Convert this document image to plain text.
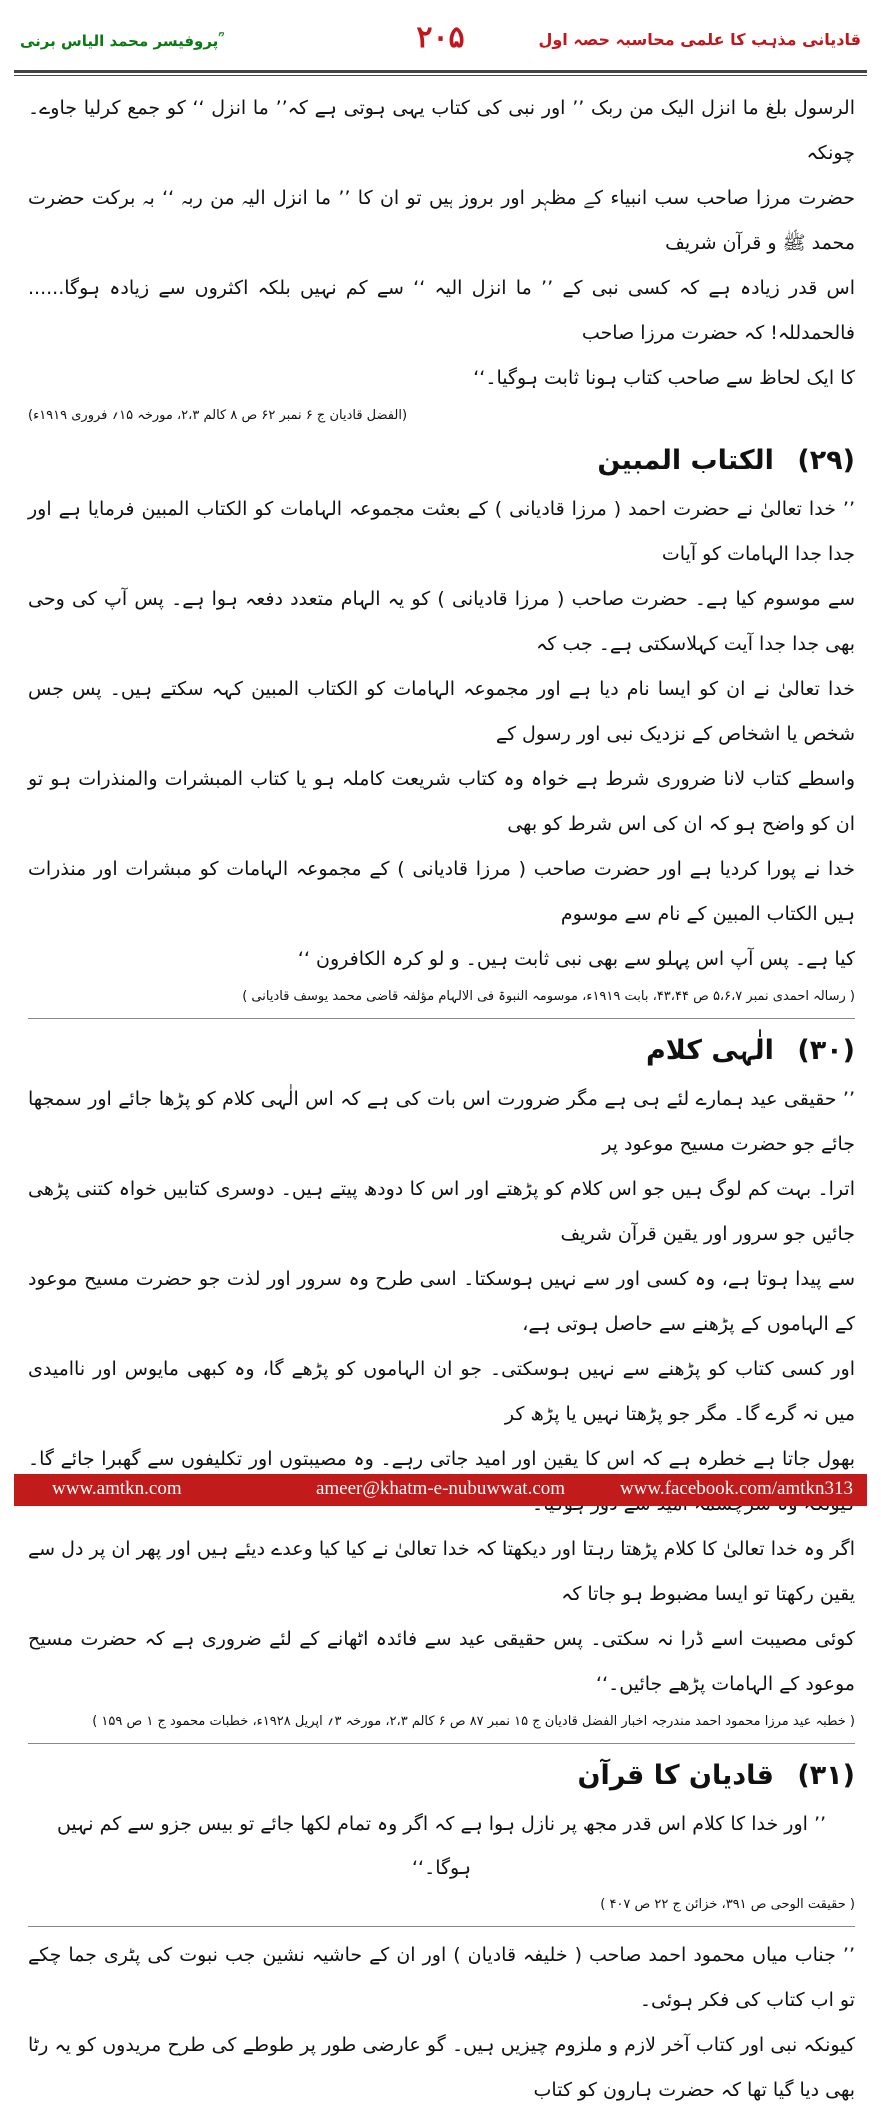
پروفیسر محمد الیاس برنی ؒ	۲۰۵	قادیانی مذہب کا علمی محاسبہ حصہ اول

الرسول بلغ ما انزل الیک من ربک ’’ اور نبی کی کتاب یہی ہوتی ہے کہ’’ ما انزل ‘‘ کو جمع کرلیا جاوے۔ چونکہ

حضرت مرزا صاحب سب انبیاء کے مظہر اور بروز ہیں تو ان کا ’’ ما انزل الیہ من ربہ ‘‘ بہ برکت حضرت محمد ﷺ و قرآن شریف

اس قدر زیادہ ہے کہ کسی نبی کے ’’ ما انزل الیہ ‘‘ سے کم نہیں بلکہ اکثروں سے زیادہ ہوگا...... فالحمدللہ! کہ حضرت مرزا صاحب

کا ایک لحاظ سے صاحب کتاب ہونا ثابت ہوگیا۔‘‘

(الفضل قادیان ج ۶ نمبر ۶۲ ص ۸ کالم ۲،۳، مورخہ ۱۵؍ فروری ۱۹۱۹ء)

(۲۹) الکتاب المبین

’’ خدا تعالیٰ نے حضرت احمد ( مرزا قادیانی ) کے بعثت مجموعہ الہامات کو الکتاب المبین فرمایا ہے اور جدا جدا الہامات کو آیات

سے موسوم کیا ہے۔ حضرت صاحب ( مرزا قادیانی ) کو یہ الہام متعدد دفعہ ہوا ہے۔ پس آپ کی وحی بھی جدا جدا آیت کہلاسکتی ہے۔ جب کہ

خدا تعالیٰ نے ان کو ایسا نام دیا ہے اور مجموعہ الہامات کو الکتاب المبین کہہ سکتے ہیں۔ پس جس شخص یا اشخاص کے نزدیک نبی اور رسول کے

واسطے کتاب لانا ضروری شرط ہے خواہ وہ کتاب شریعت کاملہ ہو یا کتاب المبشرات والمنذرات ہو تو ان کو واضح ہو کہ ان کی اس شرط کو بھی

خدا نے پورا کردیا ہے اور حضرت صاحب ( مرزا قادیانی ) کے مجموعہ الہامات کو مبشرات اور منذرات ہیں الکتاب المبین کے نام سے موسوم

کیا ہے۔ پس آپ اس پہلو سے بھی نبی ثابت ہیں۔ و لو کرہ الکافرون ‘‘

( رسالہ احمدی نمبر ۵،۶،۷ ص ۴۳،۴۴، بابت ۱۹۱۹ء، موسومہ النبوۃ فی الالہام مؤلفہ قاضی محمد یوسف قادیانی )

(۳۰) الٰہی کلام

’’ حقیقی عید ہمارے لئے ہی ہے مگر ضرورت اس بات کی ہے کہ اس الٰہی کلام کو پڑھا جائے اور سمجھا جائے جو حضرت مسیح موعود پر

اترا۔ بہت کم لوگ ہیں جو اس کلام کو پڑھتے اور اس کا دودھ پیتے ہیں۔ دوسری کتابیں خواہ کتنی پڑھی جائیں جو سرور اور یقین قرآن شریف

سے پیدا ہوتا ہے، وہ کسی اور سے نہیں ہوسکتا۔ اسی طرح وہ سرور اور لذت جو حضرت مسیح موعود کے الہاموں کے پڑھنے سے حاصل ہوتی ہے،

اور کسی کتاب کو پڑھنے سے نہیں ہوسکتی۔ جو ان الہاموں کو پڑھے گا، وہ کبھی مایوس اور ناامیدی میں نہ گرے گا۔ مگر جو پڑھتا نہیں یا پڑھ کر

بھول جاتا ہے خطرہ ہے کہ اس کا یقین اور امید جاتی رہے۔ وہ مصیبتوں اور تکلیفوں سے گھبرا جائے گا۔

اگر وہ خدا تعالیٰ کا کلام پڑھتا رہتا اور دیکھتا کہ خدا تعالیٰ نے کیا کیا وعدے دیئے ہیں اور پھر ان پر دل سے یقین رکھتا تو ایسا مضبوط ہو جاتا کہ

کوئی مصیبت اسے ڈرا نہ سکتی۔ پس حقیقی عید سے فائدہ اٹھانے کے لئے ضروری ہے کہ حضرت مسیح موعود کے الہامات پڑھے جائیں۔‘‘

( خطبہ عید مرزا محمود احمد مندرجہ اخبار الفضل قادیان ج ۱۵ نمبر ۸۷ ص ۶ کالم ۲،۳، مورخہ ۳؍ اپریل ۱۹۲۸ء، خطبات محمود ج ۱ ص ۱۵۹ )

(۳۱) قادیان کا قرآن

’’ اور خدا کا کلام اس قدر مجھ پر نازل ہوا ہے کہ اگر وہ تمام لکھا جائے تو بیس جزو سے کم نہیں ہوگا۔‘‘

( حقیقت الوحی ص ۳۹۱، خزائن ج ۲۲ ص ۴۰۷ )

’’ جناب میاں محمود احمد صاحب ( خلیفہ قادیان ) اور ان کے حاشیہ نشین جب نبوت کی پٹری جما چکے تو اب کتاب کی فکر ہوئی۔

کیونکہ نبی اور کتاب آخر لازم و ملزوم چیزیں ہیں۔ گو عارضی طور پر طوطے کی طرح مریدوں کو یہ رٹا بھی دیا گیا تھا کہ حضرت ہارون کو کتاب

www.amtkn.com	ameer@khatm-e-nubuwwat.com	www.facebook.com/amtkn313
